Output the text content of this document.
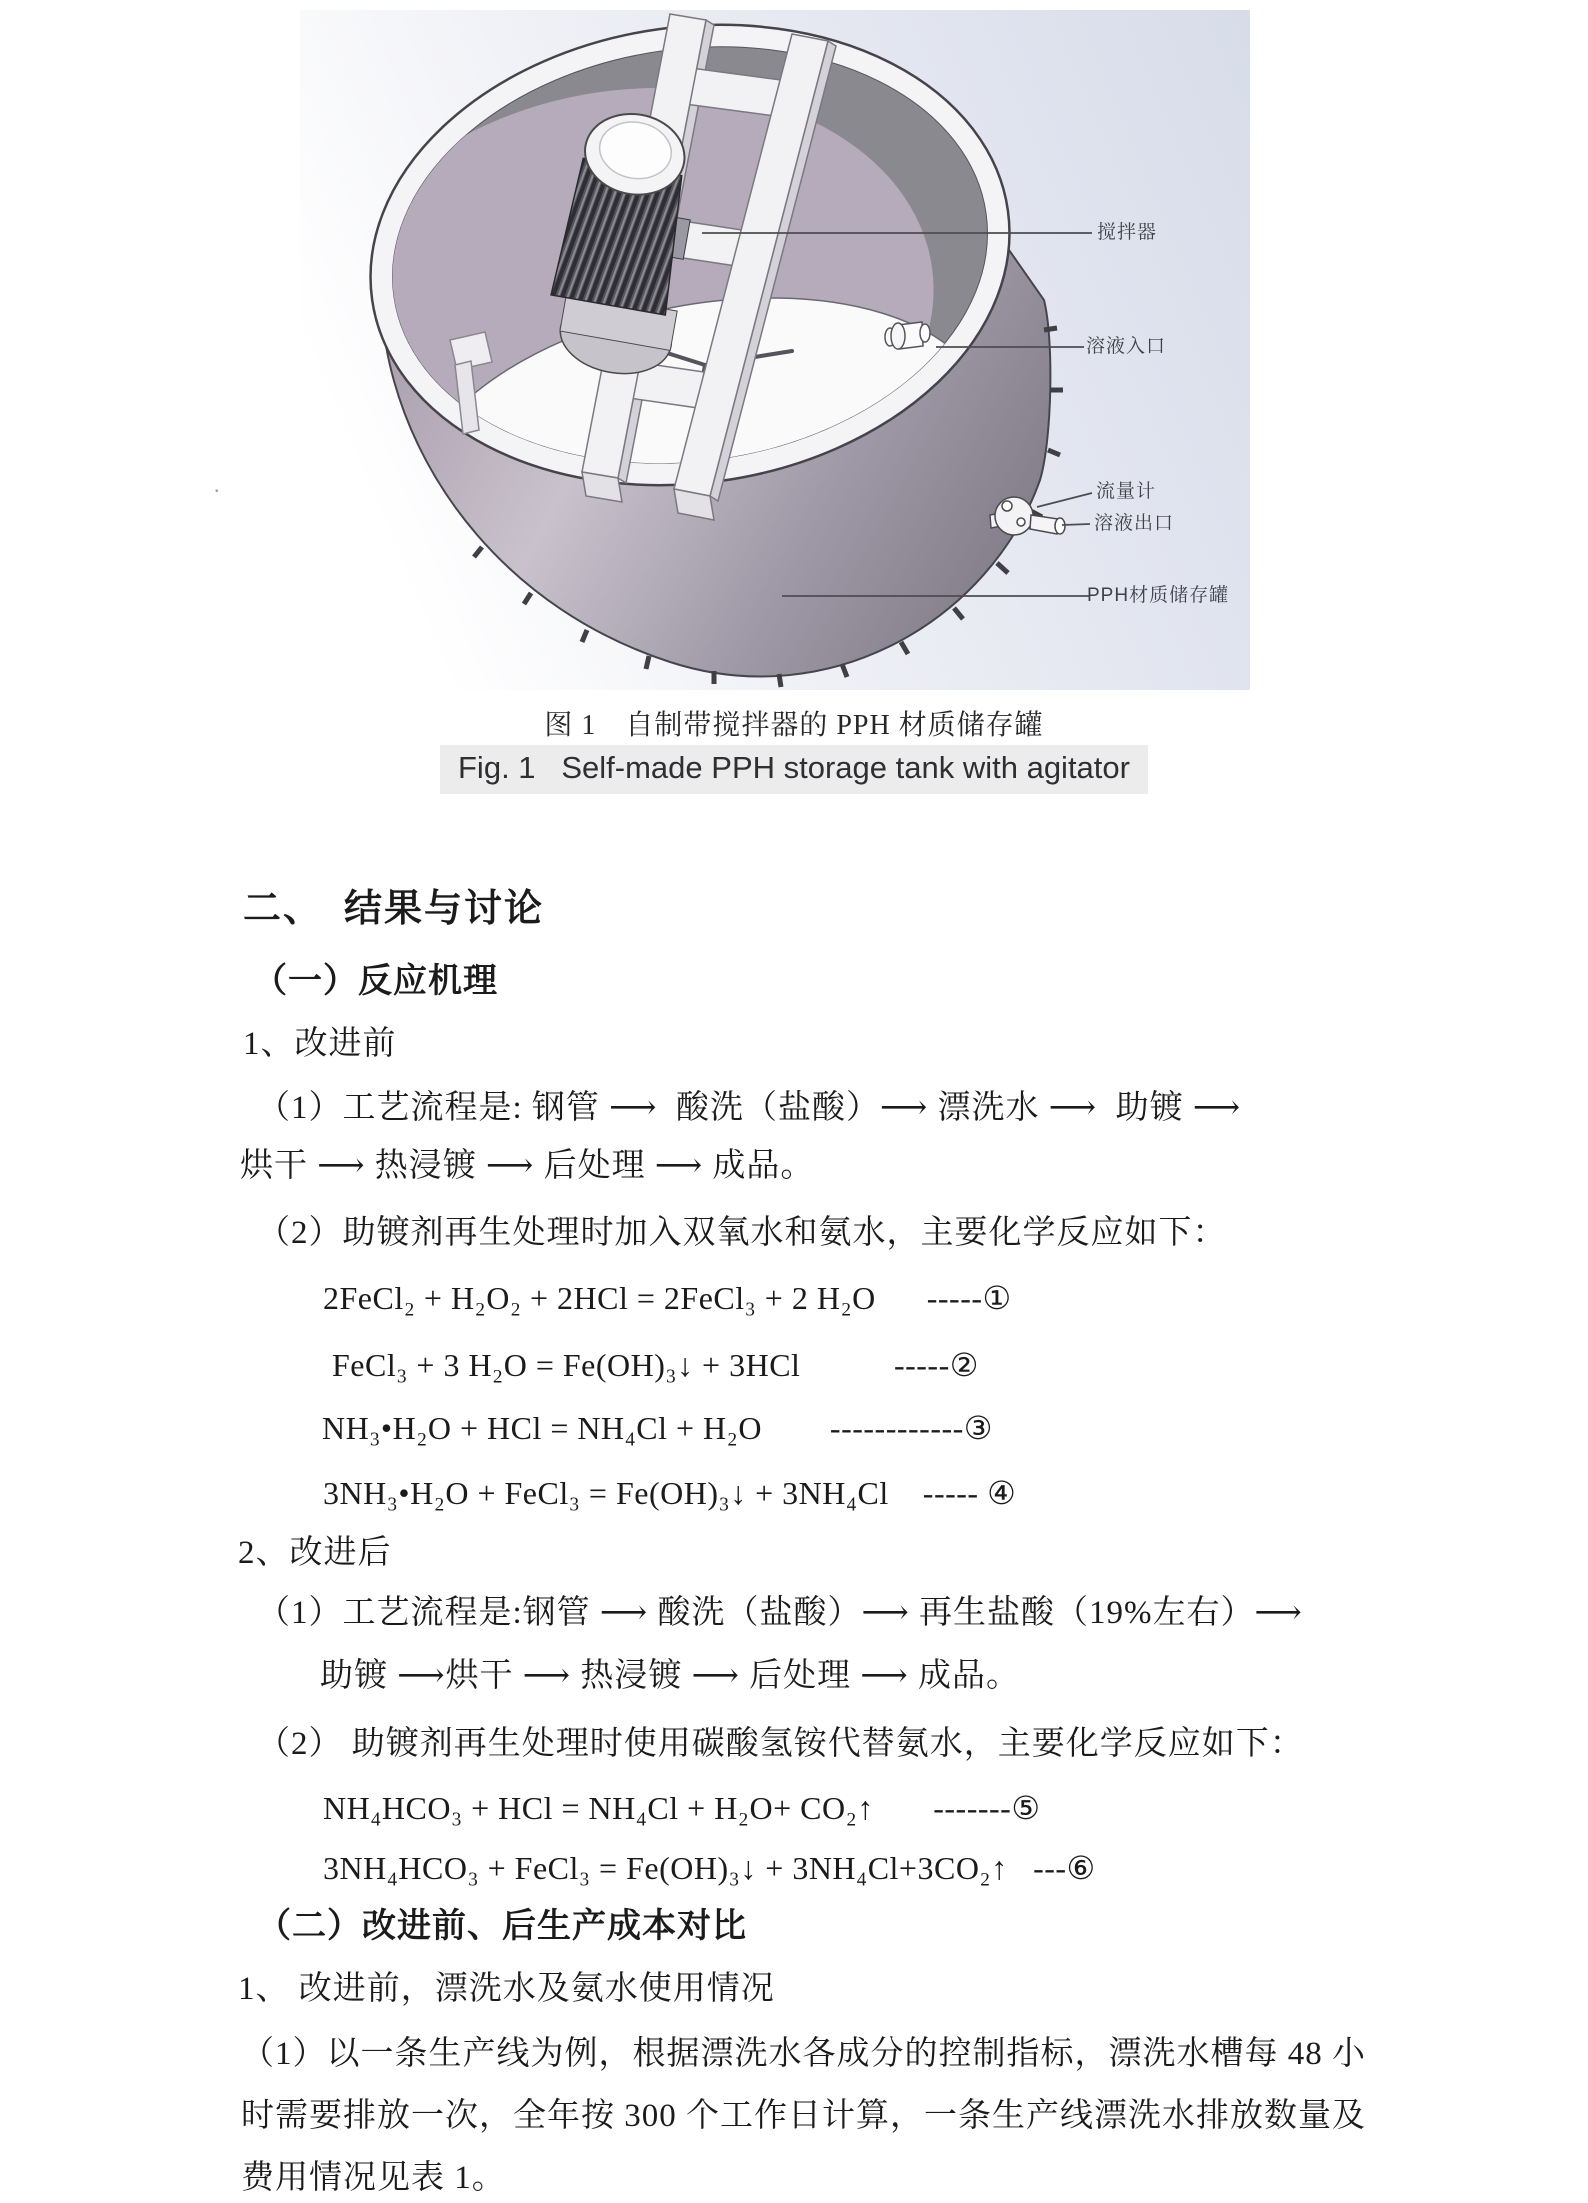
搅拌器
溶液入口
流量计
溶液出口
PPH材质储存罐
.
图 1　自制带搅拌器的 PPH 材质储存罐
Fig. 1   Self-made PPH storage tank with agitator
二、　结果与讨论
（一）反应机理
1、改进前
（1）工艺流程是: 钢管 ⟶  酸洗（盐酸）⟶ 漂洗水 ⟶  助镀 ⟶
烘干 ⟶ 热浸镀 ⟶ 后处理 ⟶ 成品。
（2）助镀剂再生处理时加入双氧水和氨水，主要化学反应如下：
2FeCl₂ + H₂O₂ + 2HCl = 2FeCl₃ + 2 H₂O      -----①
FeCl₃ + 3 H₂O = Fe(OH)₃↓ + 3HCl           -----②
NH₃•H₂O + HCl = NH₄Cl + H₂O        ------------③
3NH₃•H₂O + FeCl₃ = Fe(OH)₃↓ + 3NH₄Cl    ----- ④
2、改进后
（1）工艺流程是:钢管 ⟶ 酸洗（盐酸）⟶ 再生盐酸（19%左右）⟶
助镀 ⟶烘干 ⟶ 热浸镀 ⟶ 后处理 ⟶ 成品。
（2） 助镀剂再生处理时使用碳酸氢铵代替氨水，主要化学反应如下：
NH₄HCO₃ + HCl = NH₄Cl + H₂O+ CO₂↑       -------⑤
3NH₄HCO₃ + FeCl₃ = Fe(OH)₃↓ + 3NH₄Cl+3CO₂↑   ---⑥
（二）改进前、后生产成本对比
1、 改进前，漂洗水及氨水使用情况
（1）以一条生产线为例，根据漂洗水各成分的控制指标，漂洗水槽每 48 小
时需要排放一次，全年按 300 个工作日计算，一条生产线漂洗水排放数量及
费用情况见表 1。
